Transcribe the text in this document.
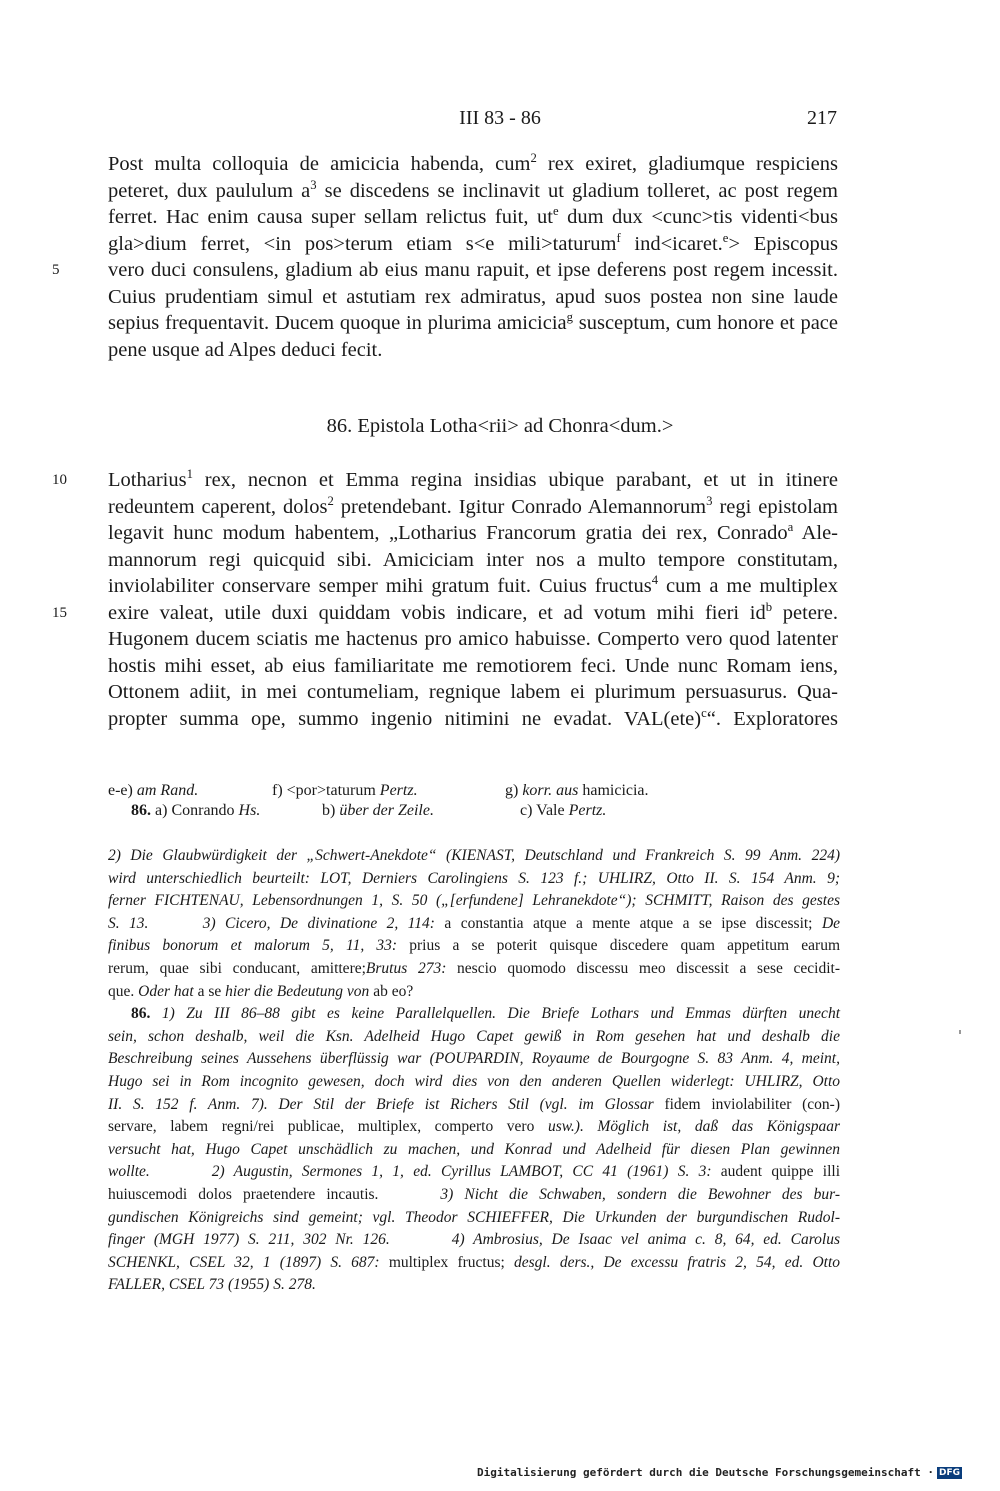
III 83 - 86	217
Post multa colloquia de amicicia habenda, cum$^2$ rex exiret, gladiumque respiciens
peteret, dux paululum $a^3$ se discedens se inclinavit ut gladium tolleret, ac post regem
ferret. Hac enim causa super sellam relictus fuit, $ut^e$ dum dux <cunc>tis videnti<bus
gla>dium ferret, <in pos>terum etiam s<e mili>taturum$^f$ ind<icaret.$^e$> Episcopus
vero duci consulens, gladium ab eius manu rapuit, et ipse deferens post regem incessit.
Cuius prudentiam simul et astutiam rex admiratus, apud suos postea non sine laude
sepius frequentavit. Ducem quoque in plurima amicicia$^g$ susceptum, cum honore et pace
pene usque ad Alpes deduci fecit.
5
86. Epistola Lotha<rii> ad Chonra<dum.>
Lotharius$^1$ rex, necnon et Emma regina insidias ubique parabant, et ut in itinere
redeuntem caperent, dolos$^2$ pretendebant. Igitur Conrado Alemannorum$^3$ regi epistolam
legavit hunc modum habentem, „Lotharius Francorum gratia dei rex, Conrado$^a$ Ale-
mannorum regi quicquid sibi. Amiciciam inter nos a multo tempore constitutam,
inviolabiliter conservare semper mihi gratum fuit. Cuius fructus$^4$ cum a me multiplex
exire valeat, utile duxi quiddam vobis indicare, et ad votum mihi fieri $id^b$ petere.
Hugonem ducem sciatis me hactenus pro amico habuisse. Comperto vero quod latenter
hostis mihi esset, ab eius familiaritate me remotiorem feci. Unde nunc Romam iens,
Ottonem adiit, in mei contumeliam, regnique labem ei plurimum persuasurus. Qua-
propter summa ope, summo ingenio nitimini ne evadat. VAL(ete)$^c$“. Exploratores
10
15
e-e) am Rand.	f) <por>taturum Pertz.	g) korr. aus hamicicia.
86. a) Conrando Hs.	b) über der Zeile.	c) Vale Pertz.
2) Die Glaubwürdigkeit der „Schwert-Anekdote“ (KIENAST, Deutschland und Frankreich S. 99 Anm. 224)
wird unterschiedlich beurteilt: LOT, Derniers Carolingiens S. 123 f.; UHLIRZ, Otto II. S. 154 Anm. 9;
ferner FICHTENAU, Lebensordnungen 1, S. 50 („[erfundene] Lehranekdote“); SCHMITT, Raison des gestes
S. 13.    	3) Cicero, De divinatione 2, 114: a constantia atque a mente atque a se ipse discessit; De
finibus bonorum et malorum 5, 11, 33: prius a se poterit quisque discedere quam appetitum earum
rerum, quae sibi conducant, amittere;Brutus 273: nescio quomodo discessu meo discessit a sese cecidit-
que. Oder hat a se hier die Bedeutung von ab eo?
86. 1) Zu III 86–88 gibt es keine Parallelquellen. Die Briefe Lothars und Emmas dürften unecht
sein, schon deshalb, weil die Ksn. Adelheid Hugo Capet gewiß in Rom gesehen hat und deshalb die
Beschreibung seines Aussehens überflüssig war (POUPARDIN, Royaume de Bourgogne S. 83 Anm. 4, meint,
Hugo sei in Rom incognito gewesen, doch wird dies von den anderen Quellen widerlegt: UHLIRZ, Otto
II. S. 152 f. Anm. 7). Der Stil der Briefe ist Richers Stil (vgl. im Glossar fidem inviolabiliter (con-)
servare, labem regni/rei publicae, multiplex, comperto vero usw.). Möglich ist, daß das Königspaar
versucht hat, Hugo Capet unschädlich zu machen, und Konrad und Adelheid für diesen Plan gewinnen
wollte.    	2) Augustin, Sermones 1, 1, ed. Cyrillus LAMBOT, CC 41 (1961) S. 3: audent quippe illi
huiuscemodi dolos praetendere incautis.    	3) Nicht die Schwaben, sondern die Bewohner des bur-
gundischen Königreichs sind gemeint; vgl. Theodor SCHIEFFER, Die Urkunden der burgundischen Rudol-
finger (MGH 1977) S. 211, 302 Nr. 126.    	4) Ambrosius, De Isaac vel anima c. 8, 64, ed. Carolus
SCHENKL, CSEL 32, 1 (1897) S. 687: multiplex fructus; desgl. ders., De excessu fratris 2, 54, ed. Otto
FALLER, CSEL 73 (1955) S. 278.
Digitalisierung gefördert durch die Deutsche Forschungsgemeinschaft · DFG
